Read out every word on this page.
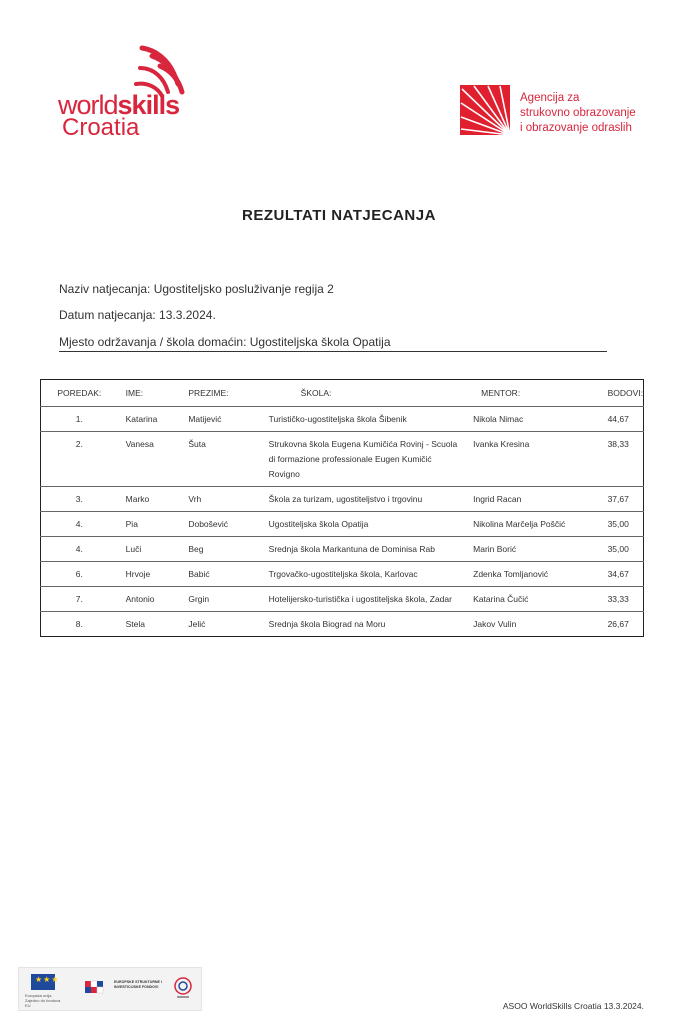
worldskills
Croatia
Agencija za
strukovno obrazovanje
i obrazovanje odraslih
REZULTATI NATJECANJA
Naziv natjecanja: Ugostiteljsko posluživanje regija 2
Datum natjecanja: 13.3.2024.
Mjesto održavanja / škola domaćin: Ugostiteljska škola Opatija
POREDAK:	IME:	PREZIME:	ŠKOLA:	MENTOR:	BODOVI:
1.	Katarina	Matijević	Turističko-ugostiteljska škola Šibenik	Nikola Nimac	44,67
2.	Vanesa	Šuta	Strukovna škola Eugena Kumičića Rovinj - Scuola di formazione professionale Eugen Kumičić Rovigno	Ivanka Kresina	38,33
3.	Marko	Vrh	Škola za turizam, ugostiteljstvo i trgovinu	Ingrid Racan	37,67
4.	Pia	Dobošević	Ugostiteljska škola Opatija	Nikolina Marčelja Poščić	35,00
4.	Luči	Beg	Srednja škola Markantuna de Dominisa Rab	Marin Borić	35,00
6.	Hrvoje	Babić	Trgovačko-ugostiteljska škola, Karlovac	Zdenka Tomljanović	34,67
7.	Antonio	Grgin	Hotelijersko-turistička i ugostiteljska škola, Zadar	Katarina Čučić	33,33
8.	Stela	Jelić	Srednja škola Biograd na Moru	Jakov Vulin	26,67
★★★
Europska unija Zajedno do fondova EU
EUROPSKE STRUKTURNE I INVESTICIJSKE FONDOVI
ASOO WorldSkills Croatia 13.3.2024.
